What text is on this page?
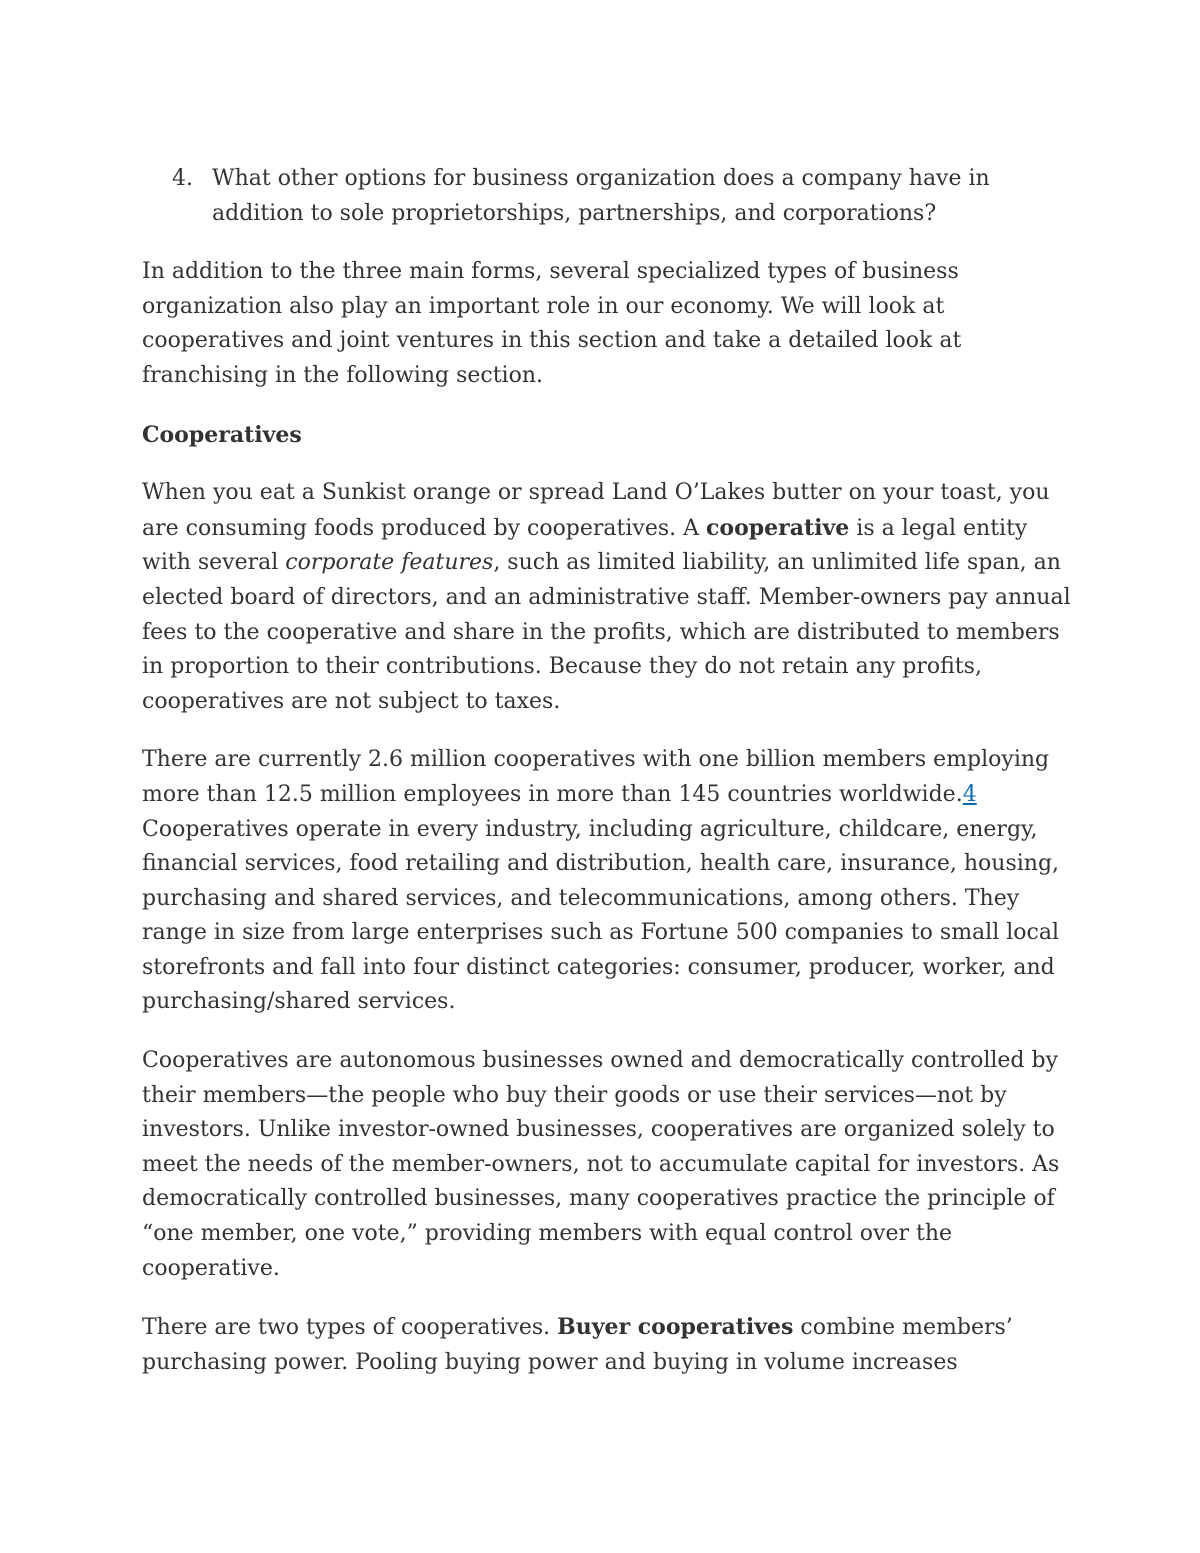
4. What other options for business organization does a company have in addition to sole proprietorships, partnerships, and corporations?

In addition to the three main forms, several specialized types of business organization also play an important role in our economy. We will look at cooperatives and joint ventures in this section and take a detailed look at franchising in the following section.

Cooperatives

When you eat a Sunkist orange or spread Land O’Lakes butter on your toast, you are consuming foods produced by cooperatives. A cooperative is a legal entity with several corporate features, such as limited liability, an unlimited life span, an elected board of directors, and an administrative staff. Member-owners pay annual fees to the cooperative and share in the profits, which are distributed to members in proportion to their contributions. Because they do not retain any profits, cooperatives are not subject to taxes.

There are currently 2.6 million cooperatives with one billion members employing more than 12.5 million employees in more than 145 countries worldwide.4
Cooperatives operate in every industry, including agriculture, childcare, energy, financial services, food retailing and distribution, health care, insurance, housing, purchasing and shared services, and telecommunications, among others. They range in size from large enterprises such as Fortune 500 companies to small local storefronts and fall into four distinct categories: consumer, producer, worker, and purchasing/shared services.

Cooperatives are autonomous businesses owned and democratically controlled by their members—the people who buy their goods or use their services—not by investors. Unlike investor-owned businesses, cooperatives are organized solely to meet the needs of the member-owners, not to accumulate capital for investors. As democratically controlled businesses, many cooperatives practice the principle of “one member, one vote,” providing members with equal control over the cooperative.

There are two types of cooperatives. Buyer cooperatives combine members’ purchasing power. Pooling buying power and buying in volume increases
